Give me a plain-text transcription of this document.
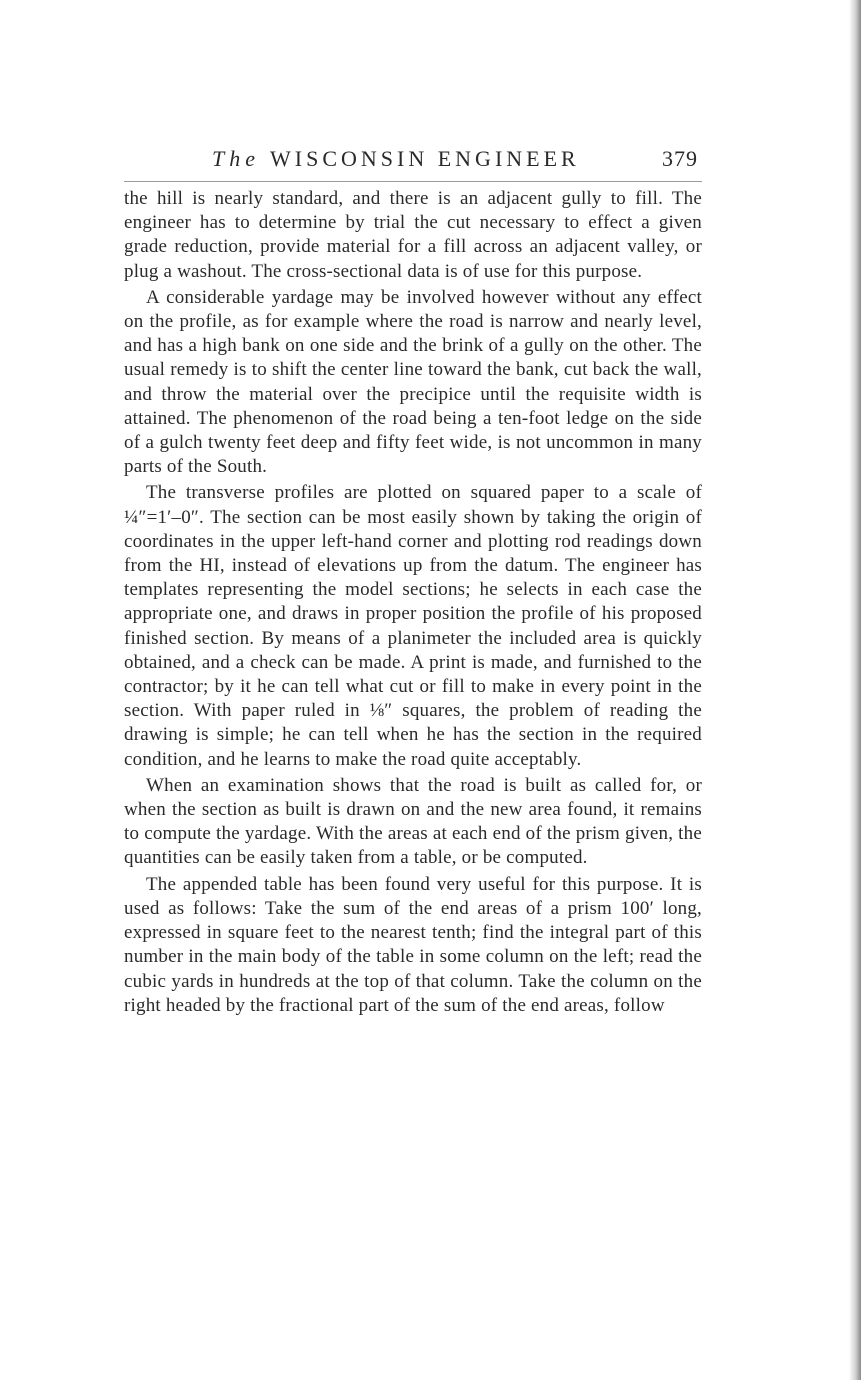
The WISCONSIN ENGINEER	379

the hill is nearly standard, and there is an adjacent gully to fill. The engineer has to determine by trial the cut necessary to effect a given grade reduction, provide material for a fill across an adjacent valley, or plug a washout. The cross-sectional data is of use for this purpose.

A considerable yardage may be involved however without any effect on the profile, as for example where the road is narrow and nearly level, and has a high bank on one side and the brink of a gully on the other. The usual remedy is to shift the center line toward the bank, cut back the wall, and throw the material over the precipice until the requisite width is attained. The phenomenon of the road being a ten-foot ledge on the side of a gulch twenty feet deep and fifty feet wide, is not uncommon in many parts of the South.

The transverse profiles are plotted on squared paper to a scale of ¼″=1′–0″. The section can be most easily shown by taking the origin of coordinates in the upper left-hand corner and plotting rod readings down from the HI, instead of elevations up from the datum. The engineer has templates representing the model sections; he selects in each case the appropriate one, and draws in proper position the profile of his proposed finished section. By means of a planimeter the included area is quickly obtained, and a check can be made. A print is made, and furnished to the contractor; by it he can tell what cut or fill to make in every point in the section. With paper ruled in ⅛″ squares, the problem of reading the drawing is simple; he can tell when he has the section in the required condition, and he learns to make the road quite acceptably.

When an examination shows that the road is built as called for, or when the section as built is drawn on and the new area found, it remains to compute the yardage. With the areas at each end of the prism given, the quantities can be easily taken from a table, or be computed.

The appended table has been found very useful for this purpose. It is used as follows: Take the sum of the end areas of a prism 100′ long, expressed in square feet to the nearest tenth; find the integral part of this number in the main body of the table in some column on the left; read the cubic yards in hundreds at the top of that column. Take the column on the right headed by the fractional part of the sum of the end areas, follow
